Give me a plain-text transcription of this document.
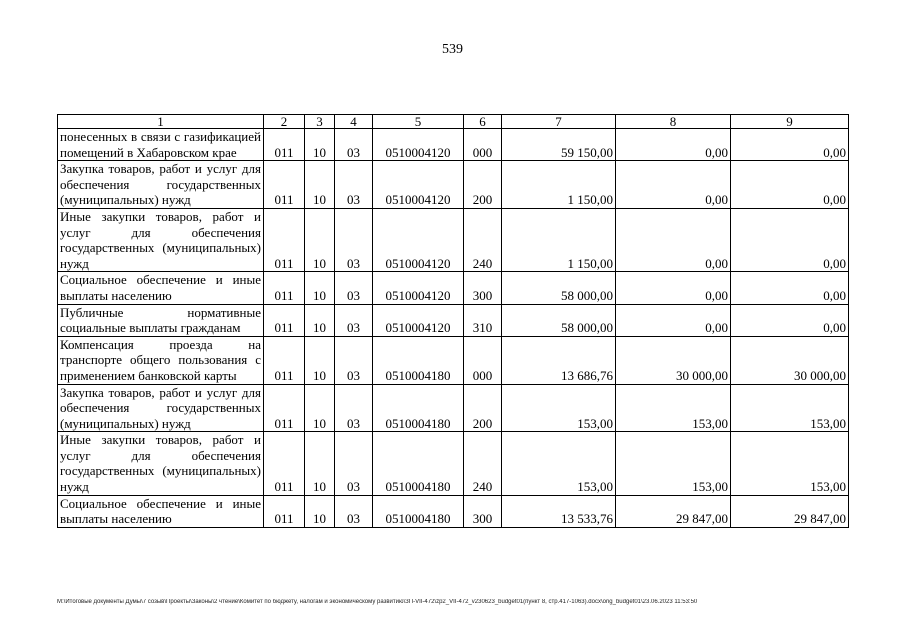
539
1	2	3	4	5	6	7	8	9
понесенных в связи с газификацией помещений в Хабаровском крае	011	10	03	0510004120	000	59 150,00	0,00	0,00
Закупка товаров, работ и услуг для обеспечения государственных (муниципальных) нужд	011	10	03	0510004120	200	1 150,00	0,00	0,00
Иные закупки товаров, работ и услуг для обеспечения государственных (муниципальных) нужд	011	10	03	0510004120	240	1 150,00	0,00	0,00
Социальное обеспечение и иные выплаты населению	011	10	03	0510004120	300	58 000,00	0,00	0,00
Публичные нормативные социальные выплаты гражданам	011	10	03	0510004120	310	58 000,00	0,00	0,00
Компенсация проезда на транспорте общего пользования с применением банковской карты	011	10	03	0510004180	000	13 686,76	30 000,00	30 000,00
Закупка товаров, работ и услуг для обеспечения государственных (муниципальных) нужд	011	10	03	0510004180	200	153,00	153,00	153,00
Иные закупки товаров, работ и услуг для обеспечения государственных (муниципальных) нужд	011	10	03	0510004180	240	153,00	153,00	153,00
Социальное обеспечение и иные выплаты населению	011	10	03	0510004180	300	13 533,76	29 847,00	29 847,00
М:\Итоговые документы Думы\7 созыв\Проекты\Законы\2 чтение\Комитет по бюджету, налогам и экономическому развитию\ЗП-VII-472\zp2_VII-472_v230623_budget01(пункт 8, стр.417-1063).docx\orig_budget01\23.06.2023 11:53:50
